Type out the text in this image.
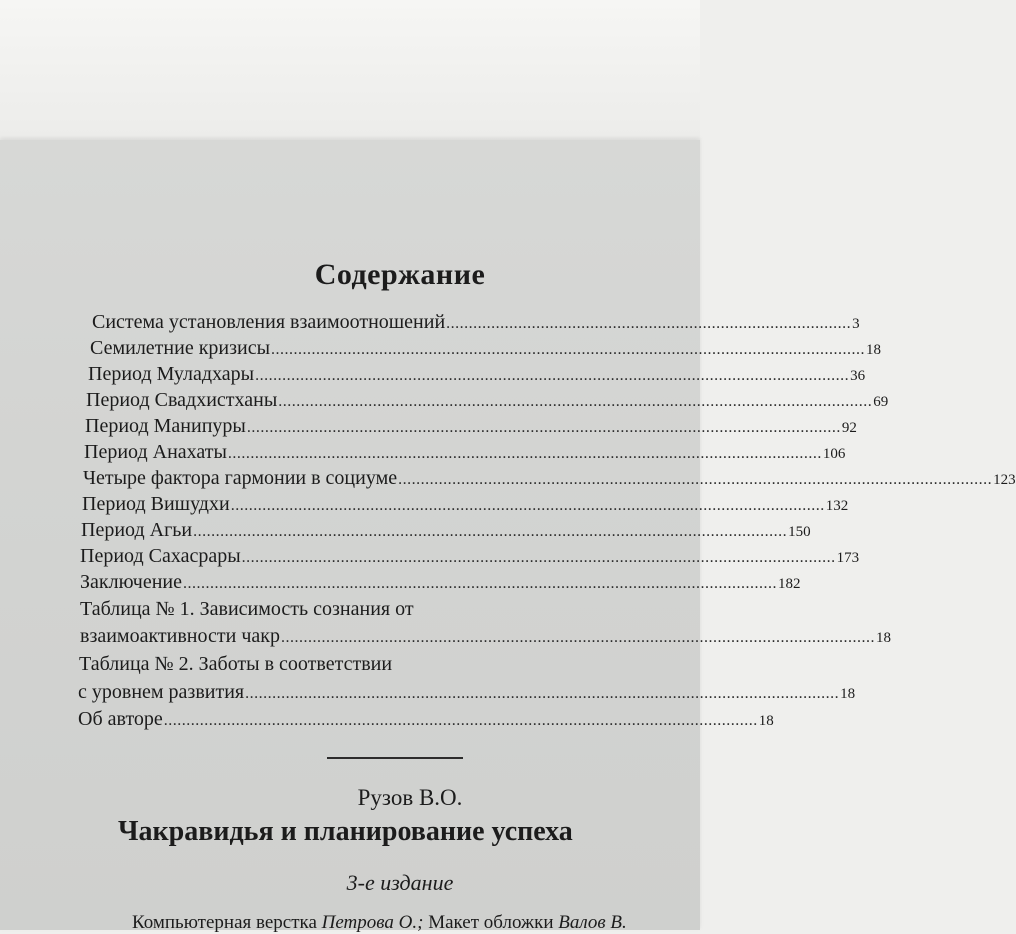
Содержание
Система установления взаимоотношений .......................................................................................... 3
Семилетние кризисы .................................................................................................................................... 18
Период Муладхары .................................................................................................................................... 36
Период Свадхистханы .................................................................................................................................... 69
Период Манипуры .................................................................................................................................... 92
Период Анахаты .................................................................................................................................... 106
Четыре фактора гармонии в социуме .................................................................................................................................... 123
Период Вишудхи .................................................................................................................................... 132
Период Агьи .................................................................................................................................... 150
Период Сахасрары .................................................................................................................................... 173
Заключение .................................................................................................................................... 182
Таблица № 1. Зависимость сознания от
взаимоактивности чакр .................................................................................................................................... 18
Таблица № 2. Заботы в соответствии
с уровнем развития .................................................................................................................................... 18
Об авторе .................................................................................................................................... 18
Рузов В.О.
Чакравидья и планирование успеха
3-е издание
Компьютерная верстка Петрова О.; Макет обложки Валов В.
